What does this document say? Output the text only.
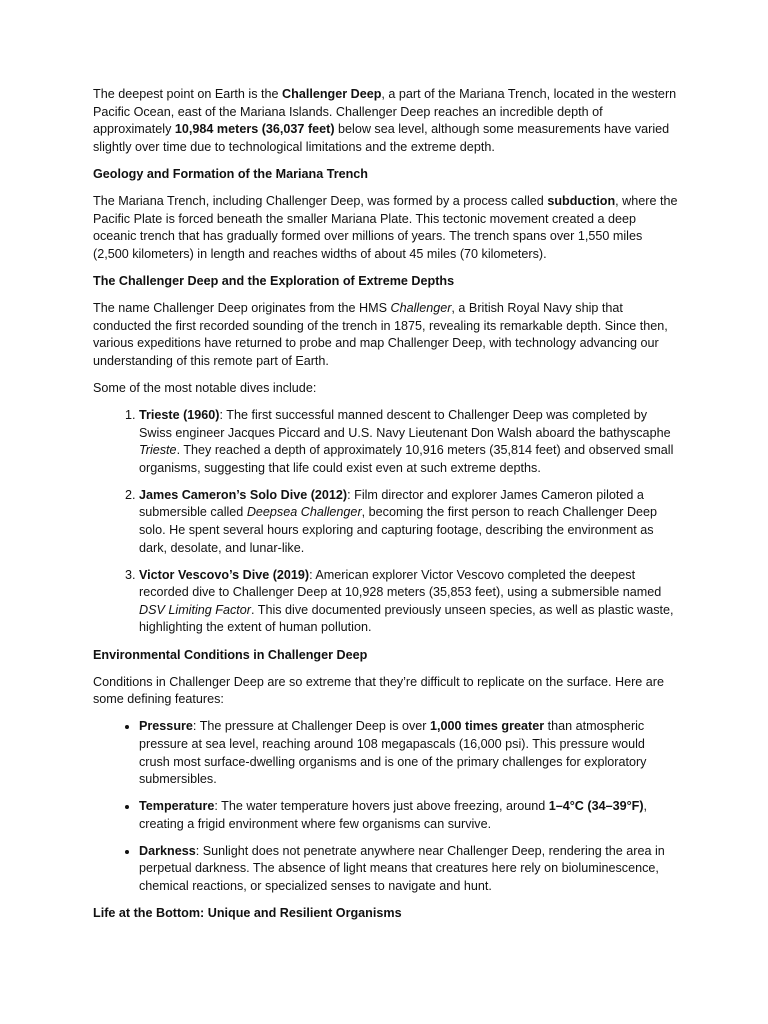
The deepest point on Earth is the Challenger Deep, a part of the Mariana Trench, located in the western Pacific Ocean, east of the Mariana Islands. Challenger Deep reaches an incredible depth of approximately 10,984 meters (36,037 feet) below sea level, although some measurements have varied slightly over time due to technological limitations and the extreme depth.

Geology and Formation of the Mariana Trench

The Mariana Trench, including Challenger Deep, was formed by a process called subduction, where the Pacific Plate is forced beneath the smaller Mariana Plate. This tectonic movement created a deep oceanic trench that has gradually formed over millions of years. The trench spans over 1,550 miles (2,500 kilometers) in length and reaches widths of about 45 miles (70 kilometers).

The Challenger Deep and the Exploration of Extreme Depths

The name Challenger Deep originates from the HMS Challenger, a British Royal Navy ship that conducted the first recorded sounding of the trench in 1875, revealing its remarkable depth. Since then, various expeditions have returned to probe and map Challenger Deep, with technology advancing our understanding of this remote part of Earth.

Some of the most notable dives include:

1. Trieste (1960): The first successful manned descent to Challenger Deep was completed by Swiss engineer Jacques Piccard and U.S. Navy Lieutenant Don Walsh aboard the bathyscaphe Trieste. They reached a depth of approximately 10,916 meters (35,814 feet) and observed small organisms, suggesting that life could exist even at such extreme depths.
2. James Cameron’s Solo Dive (2012): Film director and explorer James Cameron piloted a submersible called Deepsea Challenger, becoming the first person to reach Challenger Deep solo. He spent several hours exploring and capturing footage, describing the environment as dark, desolate, and lunar-like.
3. Victor Vescovo’s Dive (2019): American explorer Victor Vescovo completed the deepest recorded dive to Challenger Deep at 10,928 meters (35,853 feet), using a submersible named DSV Limiting Factor. This dive documented previously unseen species, as well as plastic waste, highlighting the extent of human pollution.
Environmental Conditions in Challenger Deep

Conditions in Challenger Deep are so extreme that they’re difficult to replicate on the surface. Here are some defining features:

• Pressure: The pressure at Challenger Deep is over 1,000 times greater than atmospheric pressure at sea level, reaching around 108 megapascals (16,000 psi). This pressure would crush most surface-dwelling organisms and is one of the primary challenges for exploratory submersibles.
• Temperature: The water temperature hovers just above freezing, around 1–4°C (34–39°F), creating a frigid environment where few organisms can survive.
• Darkness: Sunlight does not penetrate anywhere near Challenger Deep, rendering the area in perpetual darkness. The absence of light means that creatures here rely on bioluminescence, chemical reactions, or specialized senses to navigate and hunt.
Life at the Bottom: Unique and Resilient Organisms
